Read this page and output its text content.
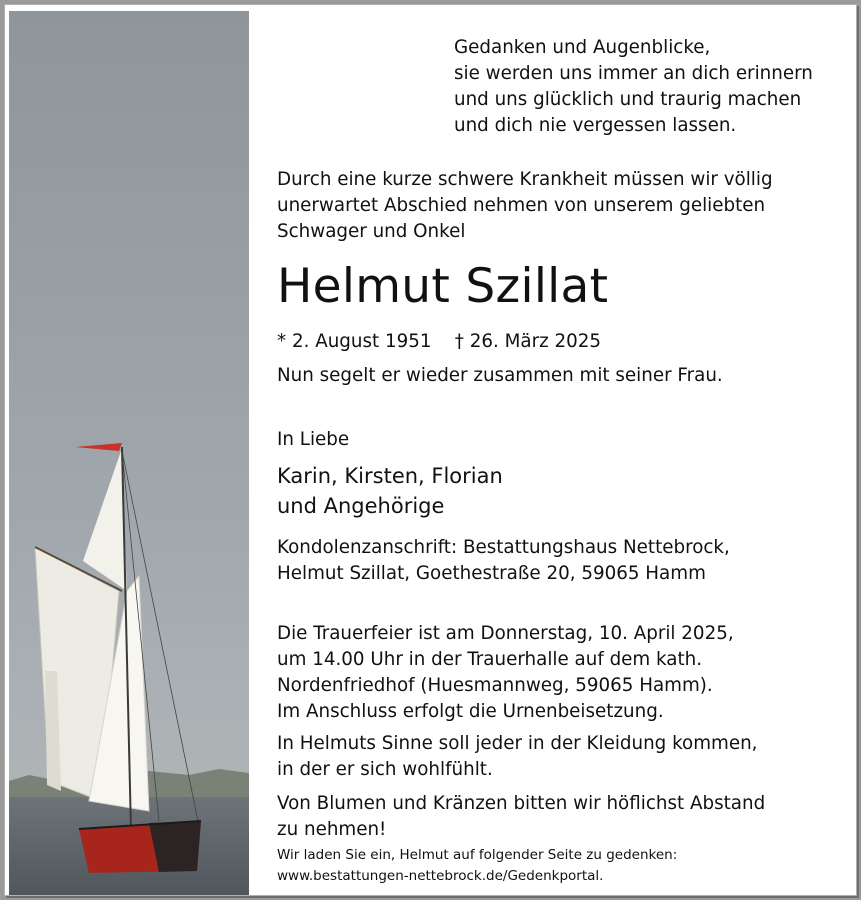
Gedanken und Augenblicke,
sie werden uns immer an dich erinnern
und uns glücklich und traurig machen
und dich nie vergessen lassen.
Durch eine kurze schwere Krankheit müssen wir völlig
unerwartet Abschied nehmen von unserem geliebten
Schwager und Onkel
Helmut Szillat
* 2. August 1951    † 26. März 2025
Nun segelt er wieder zusammen mit seiner Frau.
In Liebe
Karin, Kirsten, Florian
und Angehörige
Kondolenzanschrift: Bestattungshaus Nettebrock,
Helmut Szillat, Goethestraße 20, 59065 Hamm
Die Trauerfeier ist am Donnerstag, 10. April 2025,
um 14.00 Uhr in der Trauerhalle auf dem kath.
Nordenfriedhof (Huesmannweg, 59065 Hamm).
Im Anschluss erfolgt die Urnenbeisetzung.
In Helmuts Sinne soll jeder in der Kleidung kommen,
in der er sich wohlfühlt.
Von Blumen und Kränzen bitten wir höflichst Abstand
zu nehmen!
Wir laden Sie ein, Helmut auf folgender Seite zu gedenken:
www.bestattungen-nettebrock.de/Gedenkportal.
